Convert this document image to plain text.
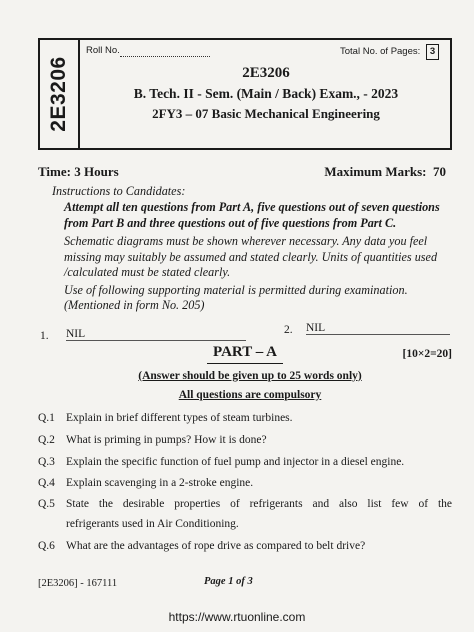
2E3206
Roll No.	Total No. of Pages: 3
2E3206
B. Tech. II - Sem. (Main / Back) Exam., - 2023
2FY3 – 07 Basic Mechanical Engineering
Time: 3 Hours	Maximum Marks:  70
Instructions to Candidates:
Attempt all ten questions from Part A, five questions out of seven questions from Part B and three questions out of five questions from Part C.
Schematic diagrams must be shown wherever necessary. Any data you feel missing may suitably be assumed and stated clearly. Units of quantities used /calculated must be stated clearly.
Use of following supporting material is permitted during examination.
(Mentioned in form No. 205)
1. NIL	2. NIL
PART – A	[10×2=20]
(Answer should be given up to 25 words only)
All questions are compulsory
Q.1 Explain in brief different types of steam turbines.
Q.2 What is priming in pumps? How it is done?
Q.3 Explain the specific function of fuel pump and injector in a diesel engine.
Q.4 Explain scavenging in a 2-stroke engine.
Q.5 State the desirable properties of refrigerants and also list few of the
refrigerants used in Air Conditioning.
Q.6 What are the advantages of rope drive as compared to belt drive?
[2E3206] - 167111	Page 1 of 3
https://www.rtuonline.com
